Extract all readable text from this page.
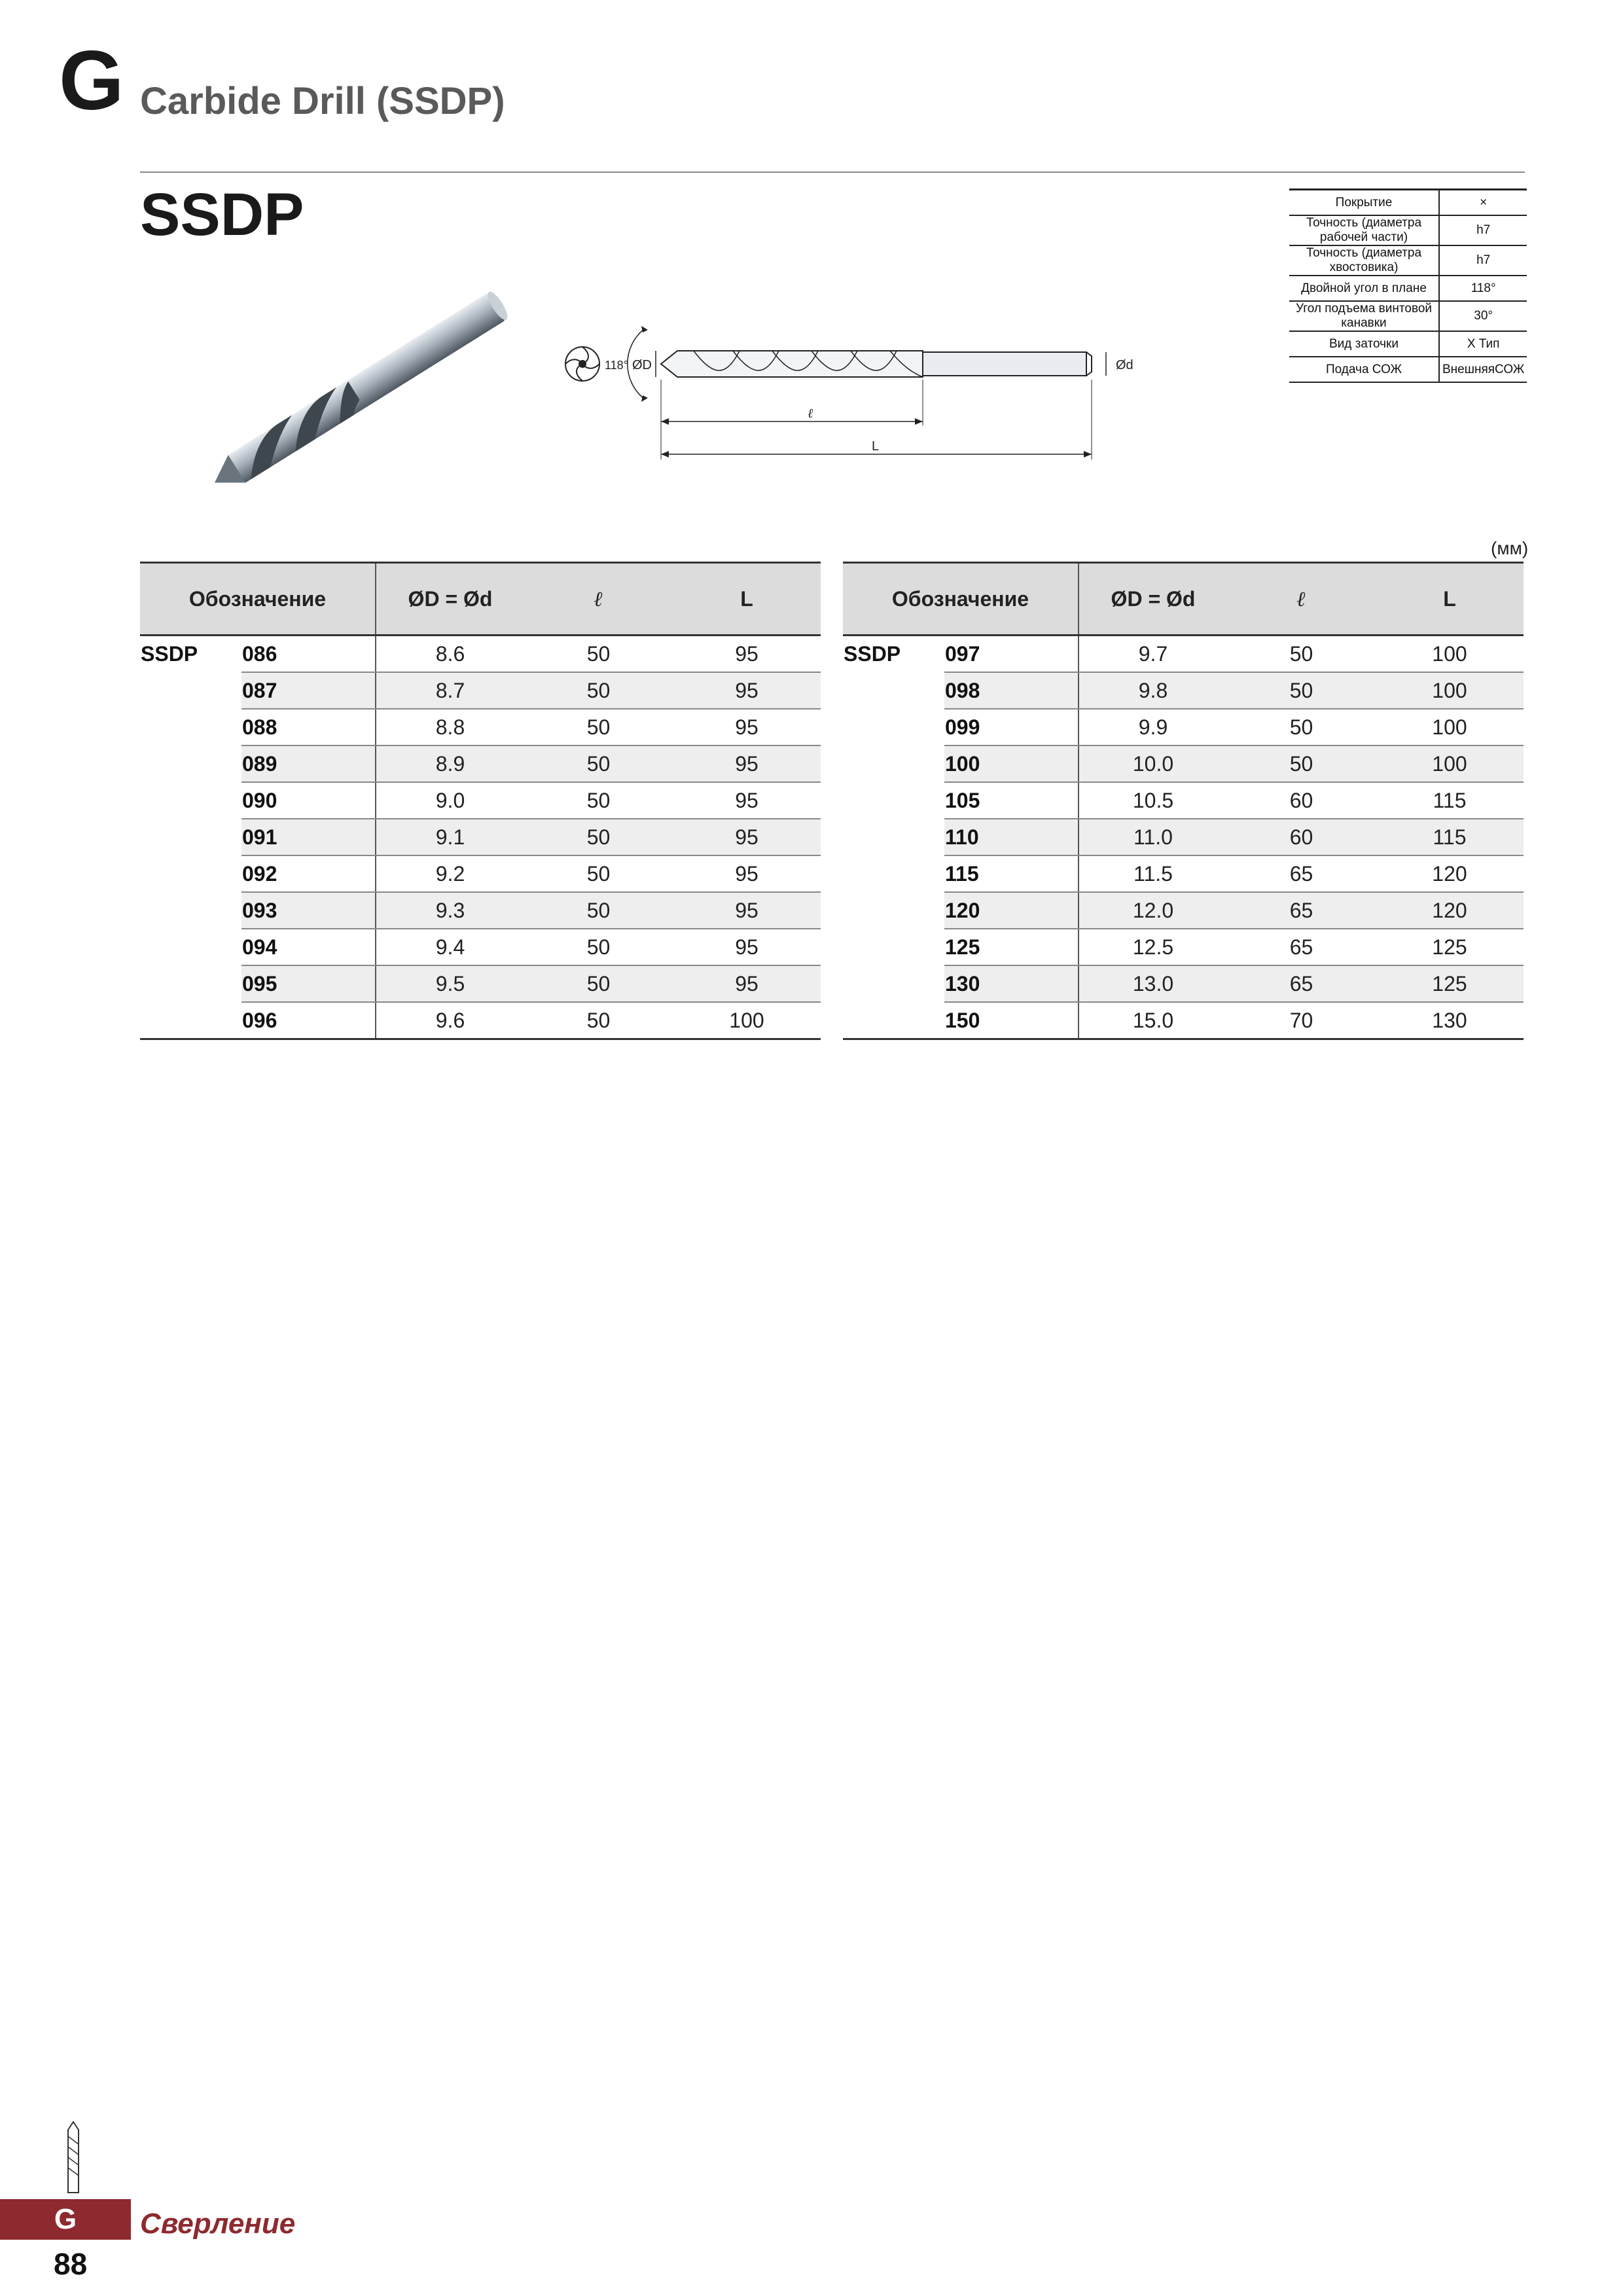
G Carbide Drill (SSDP)
SSDP
118° ØD	Ød
ℓ
L
Покрытие	×
Точность (диаметра рабочей части)	h7
Точность (диаметра хвостовика)	h7
Двойной угол в плане	118°
Угол подъема винтовой канавки	30°
Вид заточки	X Тип
Подача СОЖ	ВнешняяСОЖ
(мм)
Обозначение		ØD = Ød	ℓ	L
SSDP	086	8.6	50	95
	087	8.7	50	95
	088	8.8	50	95
	089	8.9	50	95
	090	9.0	50	95
	091	9.1	50	95
	092	9.2	50	95
	093	9.3	50	95
	094	9.4	50	95
	095	9.5	50	95
	096	9.6	50	100
Обозначение		ØD = Ød	ℓ	L
SSDP	097	9.7	50	100
	098	9.8	50	100
	099	9.9	50	100
	100	10.0	50	100
	105	10.5	60	115
	110	11.0	60	115
	115	11.5	65	120
	120	12.0	65	120
	125	12.5	65	125
	130	13.0	65	125
	150	15.0	70	130
G	Сверление
88
